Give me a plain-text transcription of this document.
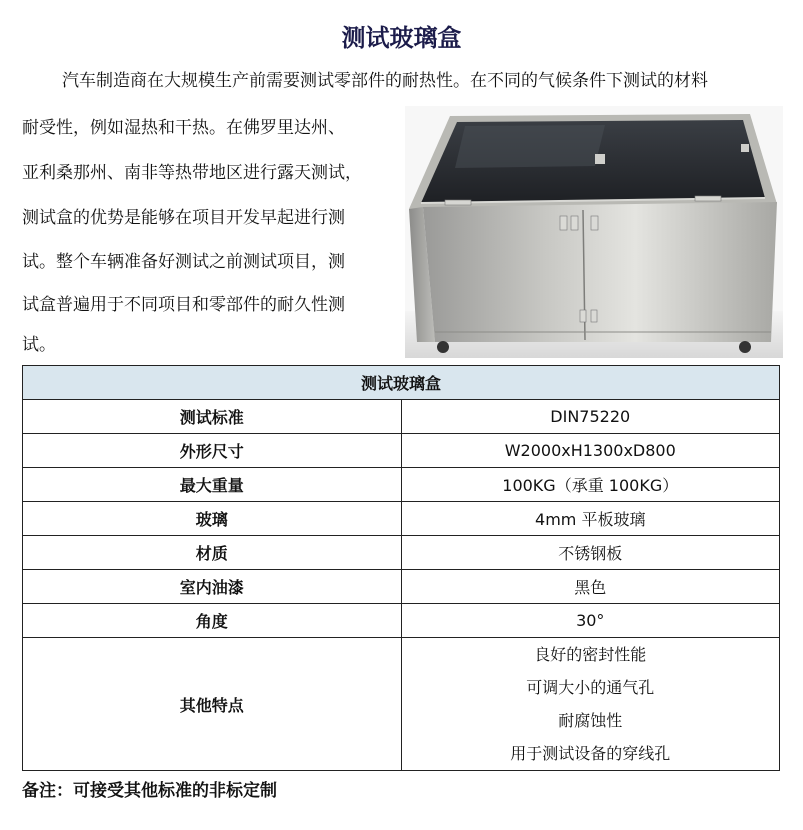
测试玻璃盒
汽车制造商在大规模生产前需要测试零部件的耐热性。在不同的气候条件下测试的材料
耐受性，例如湿热和干热。在佛罗里达州、
亚利桑那州、南非等热带地区进行露天测试，
测试盒的优势是能够在项目开发早起进行测
试。整个车辆准备好测试之前测试项目，测
试盒普遍用于不同项目和零部件的耐久性测
试。
测试玻璃盒	
测试标准	DIN75220
外形尺寸	W2000xH1300xD800
最大重量	100KG（承重 100KG）
玻璃	4mm 平板玻璃
材质	不锈钢板
室内油漆	黑色
角度	30°
其他特点	良好的密封性能
可调大小的通气孔
耐腐蚀性
用于测试设备的穿线孔
备注：可接受其他标准的非标定制
